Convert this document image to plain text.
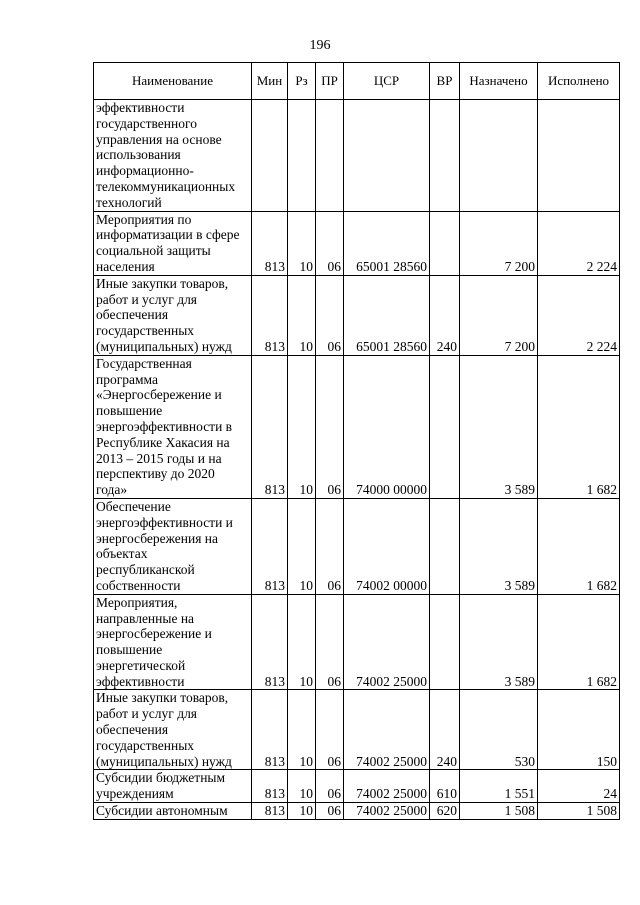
196
Наименование	Мин	Рз	ПР	ЦСР	ВР	Назначено	Исполнено
эффективности государственного управления на основе использования информационно-телекоммуникационных технологий							
Мероприятия по информатизации в сфере социальной защиты населения	813	10	06	65001 28560		7 200	2 224
Иные закупки товаров, работ и услуг для обеспечения государственных (муниципальных) нужд	813	10	06	65001 28560	240	7 200	2 224
Государственная программа «Энергосбережение и повышение энергоэффективности в Республике Хакасия на 2013 – 2015 годы и на перспективу до 2020 года»	813	10	06	74000 00000		3 589	1 682
Обеспечение энергоэффективности и энергосбережения на объектах республиканской собственности	813	10	06	74002 00000		3 589	1 682
Мероприятия, направленные на энергосбережение и повышение энергетической эффективности	813	10	06	74002 25000		3 589	1 682
Иные закупки товаров, работ и услуг для обеспечения государственных (муниципальных) нужд	813	10	06	74002 25000	240	530	150
Субсидии бюджетным учреждениям	813	10	06	74002 25000	610	1 551	24
Субсидии автономным	813	10	06	74002 25000	620	1 508	1 508
